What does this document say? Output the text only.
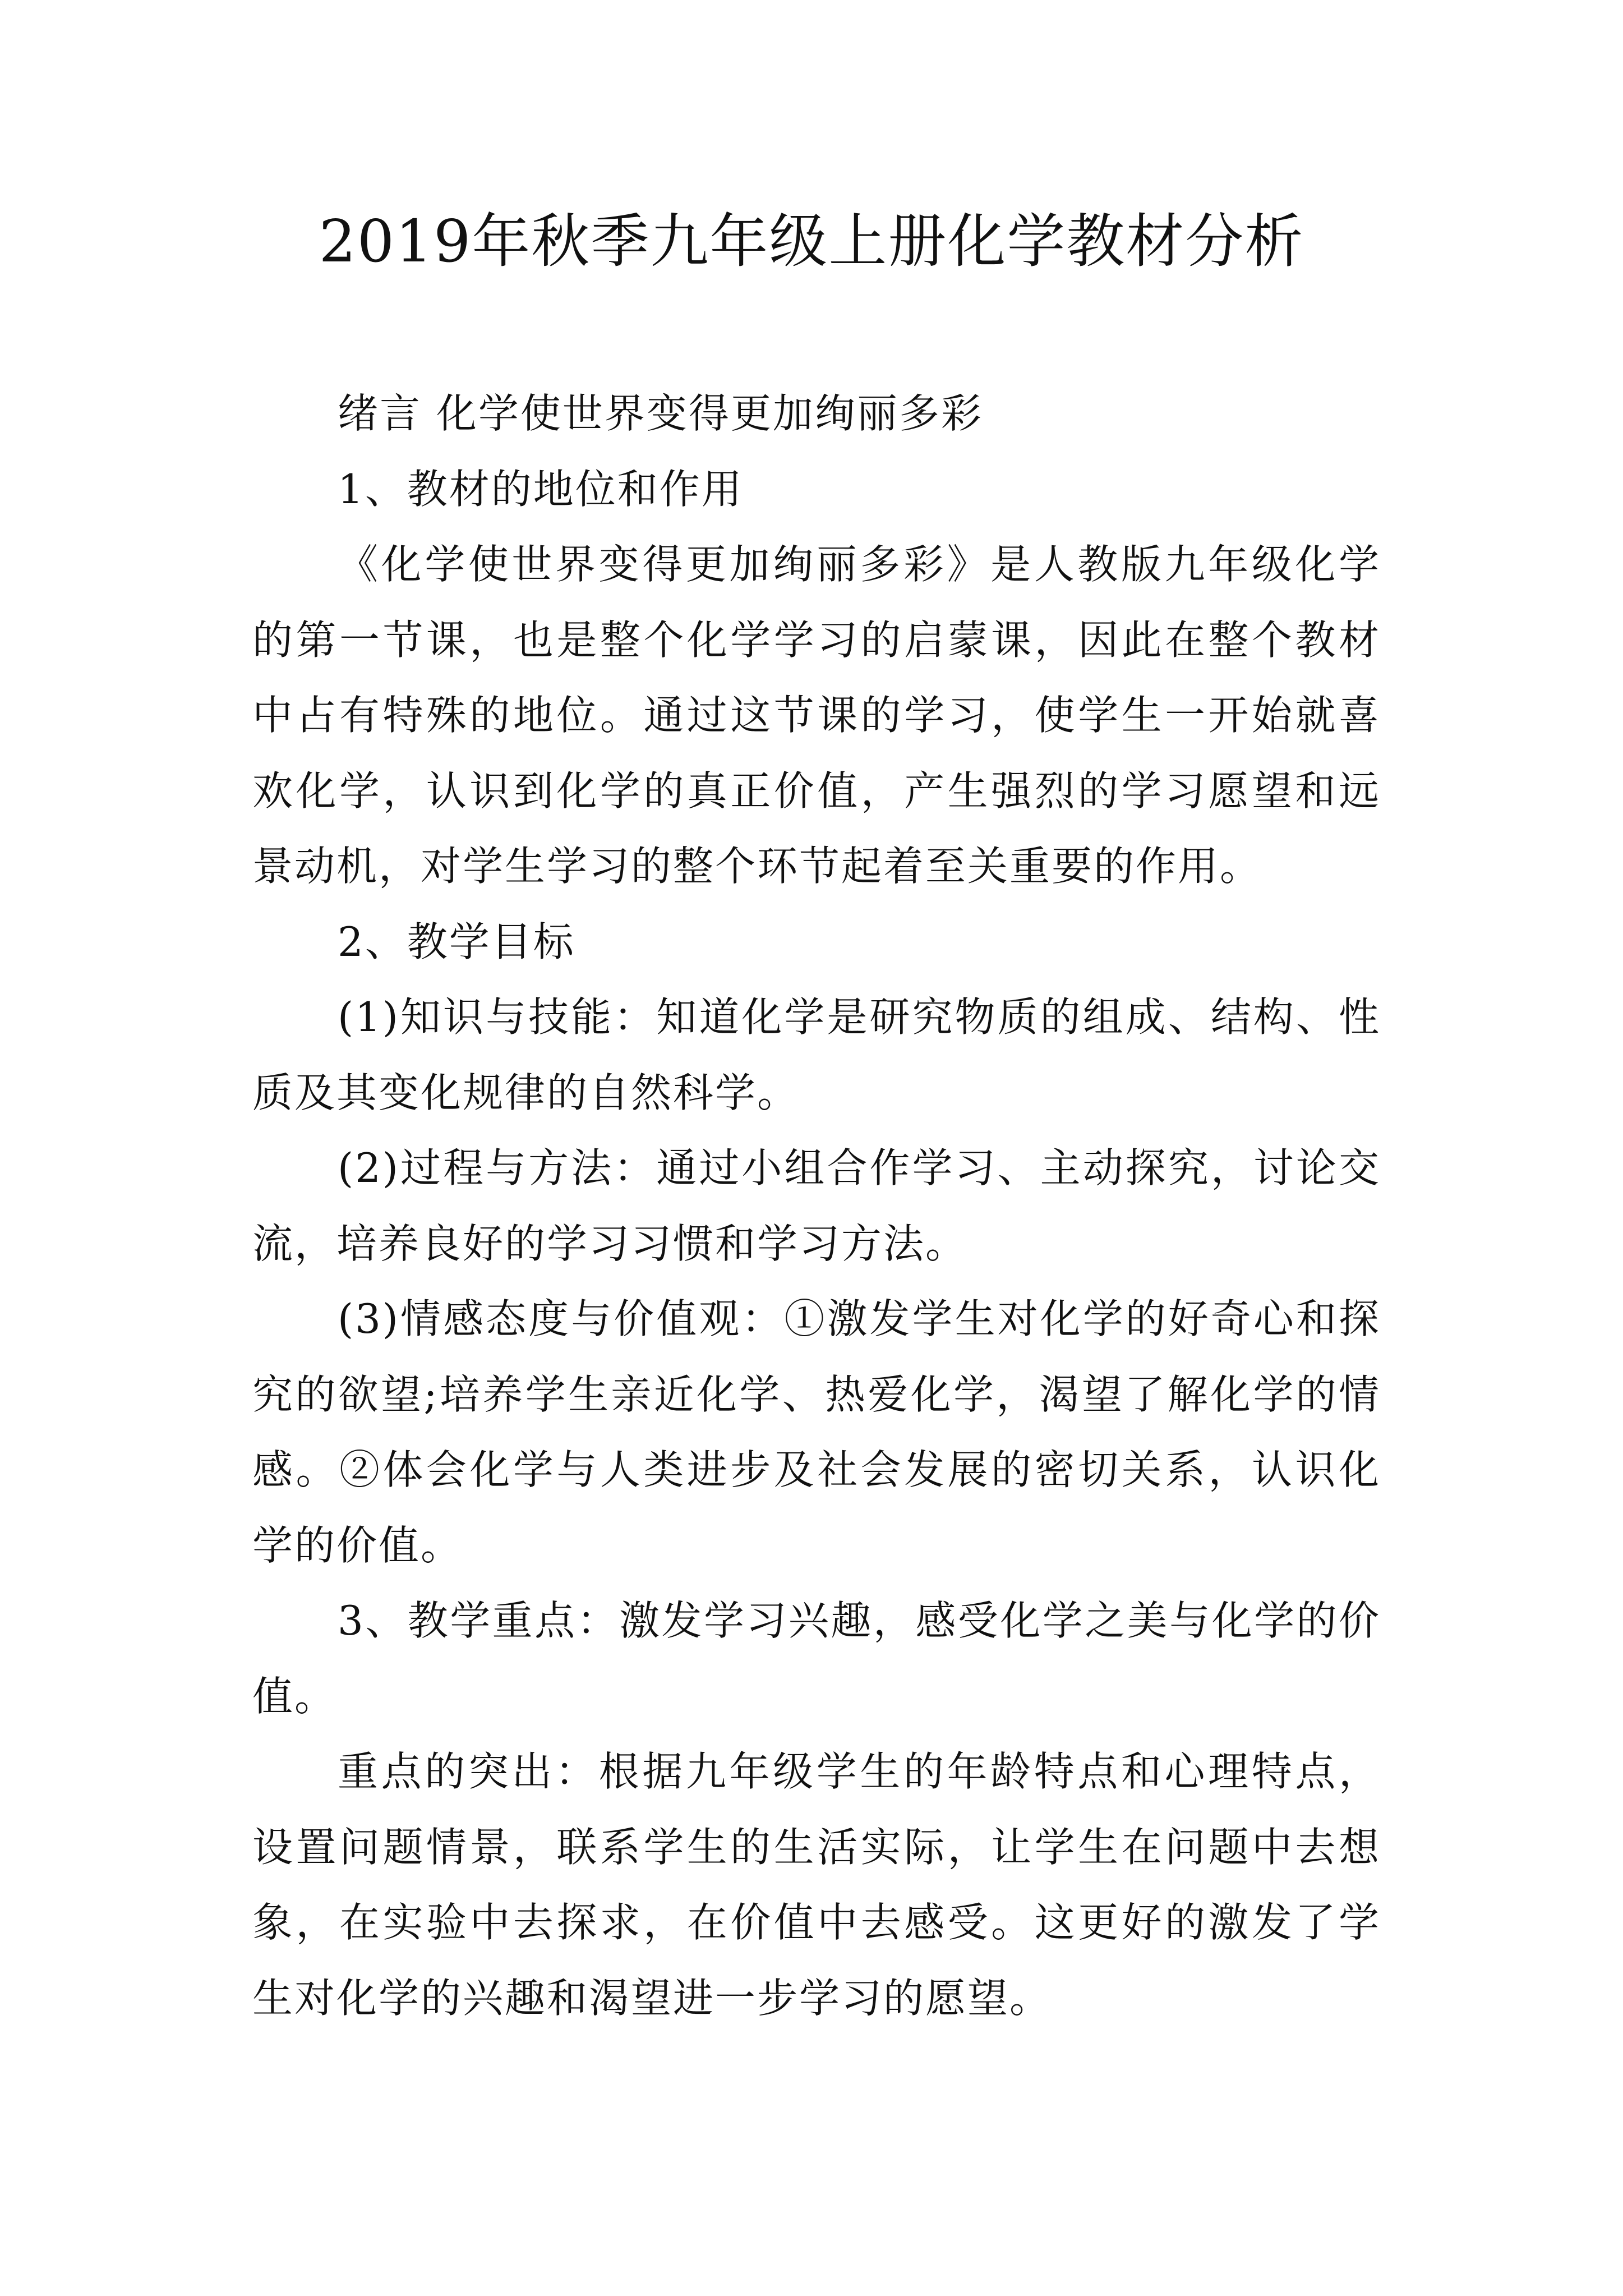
2019年秋季九年级上册化学教材分析

绪言 化学使世界变得更加绚丽多彩

1、教材的地位和作用

《化学使世界变得更加绚丽多彩》是人教版九年级化学的第一节课，也是整个化学学习的启蒙课，因此在整个教材中占有特殊的地位。通过这节课的学习，使学生一开始就喜欢化学，认识到化学的真正价值，产生强烈的学习愿望和远景动机，对学生学习的整个环节起着至关重要的作用。

2、教学目标

(1)知识与技能：知道化学是研究物质的组成、结构、性质及其变化规律的自然科学。

(2)过程与方法：通过小组合作学习、主动探究，讨论交流，培养良好的学习习惯和学习方法。

(3)情感态度与价值观：①激发学生对化学的好奇心和探究的欲望;培养学生亲近化学、热爱化学，渴望了解化学的情感。②体会化学与人类进步及社会发展的密切关系，认识化学的价值。

3、教学重点：激发学习兴趣，感受化学之美与化学的价值。

重点的突出：根据九年级学生的年龄特点和心理特点，设置问题情景，联系学生的生活实际，让学生在问题中去想象，在实验中去探求，在价值中去感受。这更好的激发了学生对化学的兴趣和渴望进一步学习的愿望。
